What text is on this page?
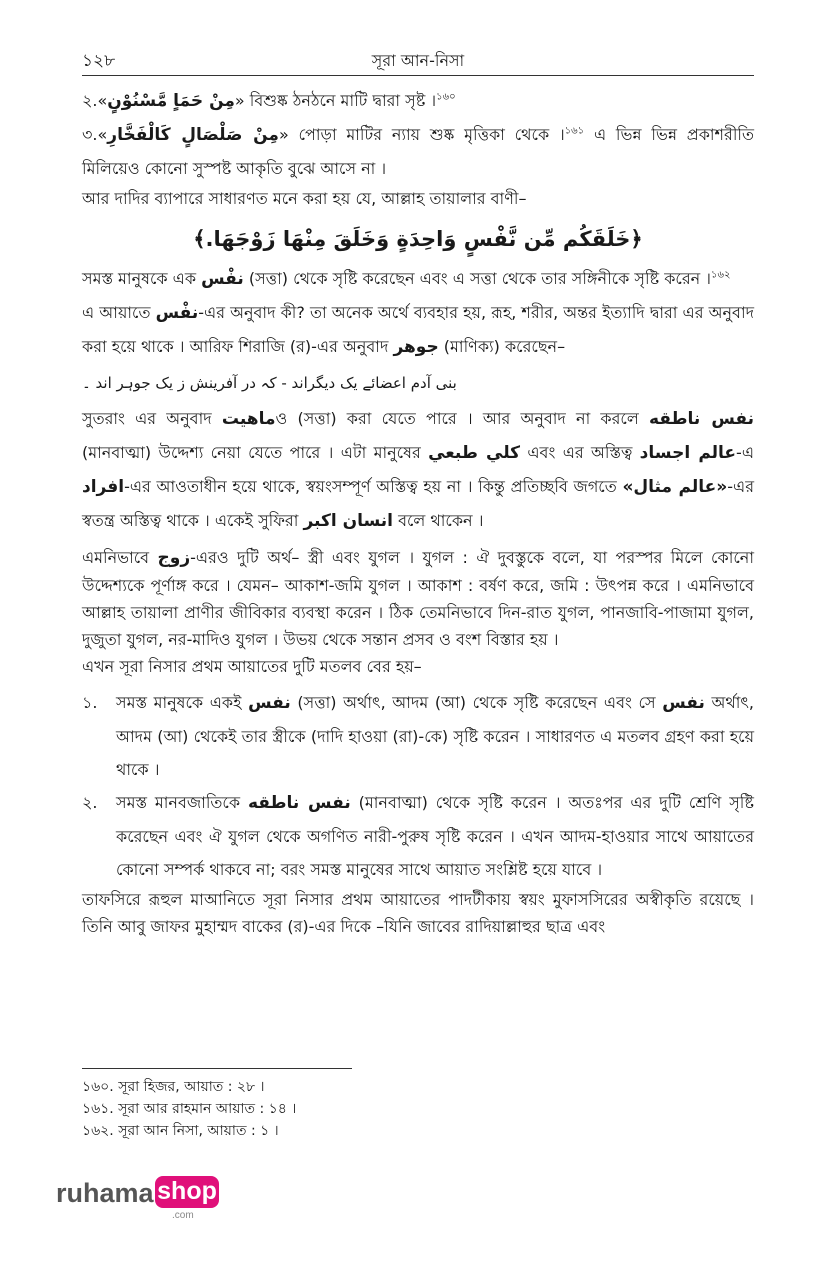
১২৮	সূরা আন-নিসা

২.«مِنْ حَمَاٍ مَّسْنُوْنٍ» বিশুষ্ক ঠনঠনে মাটি দ্বারা সৃষ্ট ।$^{১৬০}$

৩.«مِنْ صَلْصَالٍ كَالْفَخَّارِ» পোড়া মাটির ন্যায় শুষ্ক মৃত্তিকা থেকে ।$^{১৬১}$ এ ভিন্ন ভিন্ন প্রকাশরীতি মিলিয়েও কোনো সুস্পষ্ট আকৃতি বুঝে আসে না ।

আর দাদির ব্যাপারে সাধারণত মনে করা হয় যে, আল্লাহ তায়ালার বাণী–

﴿خَلَقَكُم مِّن نَّفْسٍ وَاحِدَةٍ وَخَلَقَ مِنْهَا زَوْجَهَا.﴾

সমস্ত মানুষকে এক نفْس (সত্তা) থেকে সৃষ্টি করেছেন এবং এ সত্তা থেকে তার সঙ্গিনীকে সৃষ্টি করেন ।$^{১৬২}$

এ আয়াতে نفْس-এর অনুবাদ কী? তা অনেক অর্থে ব্যবহার হয়, রূহ, শরীর, অন্তর ইত্যাদি দ্বারা এর অনুবাদ করা হয়ে থাকে । আরিফ শিরাজি (র)-এর অনুবাদ جوهر (মাণিক্য) করেছেন–

بنی آدم اعضائے یک دیگراند - کہ در آفرینش ز یک جوہر اند ۔

সুতরাং এর অনুবাদ ماهيتও (সত্তা) করা যেতে পারে । আর অনুবাদ না করলে نفس ناطقه (মানবাত্মা) উদ্দেশ্য নেয়া যেতে পারে । এটা মানুষের كلي طبعي এবং এর অস্তিত্ব عالم اجساد-এ افراد-এর আওতাধীন হয়ে থাকে, স্বয়ংসম্পূর্ণ অস্তিত্ব হয় না । কিন্তু প্রতিচ্ছবি জগতে «عالم مثال»-এর স্বতন্ত্র অস্তিত্ব থাকে । একেই সুফিরা انسان اكبر বলে থাকেন ।

এমনিভাবে زوج-এরও দুটি অর্থ– স্ত্রী এবং যুগল । যুগল : ঐ দুবস্তুকে বলে, যা পরস্পর মিলে কোনো উদ্দেশ্যকে পূর্ণাঙ্গ করে । যেমন– আকাশ-জমি যুগল । আকাশ : বর্ষণ করে, জমি : উৎপন্ন করে । এমনিভাবে আল্লাহ তায়ালা প্রাণীর জীবিকার ব্যবস্থা করেন । ঠিক তেমনিভাবে দিন-রাত যুগল, পানজাবি-পাজামা যুগল, দুজুতা যুগল, নর-মাদিও যুগল । উভয় থেকে সন্তান প্রসব ও বংশ বিস্তার হয় ।

এখন সূরা নিসার প্রথম আয়াতের দুটি মতলব বের হয়–

১. সমস্ত মানুষকে একই نفس (সত্তা) অর্থাৎ, আদম (আ) থেকে সৃষ্টি করেছেন এবং সে نفس অর্থাৎ, আদম (আ) থেকেই তার স্ত্রীকে (দাদি হাওয়া (রা)-কে) সৃষ্টি করেন । সাধারণত এ মতলব গ্রহণ করা হয়ে থাকে ।

২. সমস্ত মানবজাতিকে نفس ناطقه (মানবাত্মা) থেকে সৃষ্টি করেন । অতঃপর এর দুটি শ্রেণি সৃষ্টি করেছেন এবং ঐ যুগল থেকে অগণিত নারী-পুরুষ সৃষ্টি করেন । এখন আদম-হাওয়ার সাথে আয়াতের কোনো সম্পর্ক থাকবে না; বরং সমস্ত মানুষের সাথে আয়াত সংশ্লিষ্ট হয়ে যাবে ।

তাফসিরে রূহুল মাআনিতে সূরা নিসার প্রথম আয়াতের পাদটীকায় স্বয়ং মুফাসসিরের অস্বীকৃতি রয়েছে । তিনি আবু জাফর মুহাম্মদ বাকের (র)-এর দিকে –যিনি জাবের রাদিয়াল্লাহুর ছাত্র এবং

১৬০. সূরা হিজর, আয়াত : ২৮ ।
১৬১. সূরা আর রাহমান আয়াত : ১৪ ।
১৬২. সূরা আন নিসা, আয়াত : ১ ।
ruhama shop
.com
